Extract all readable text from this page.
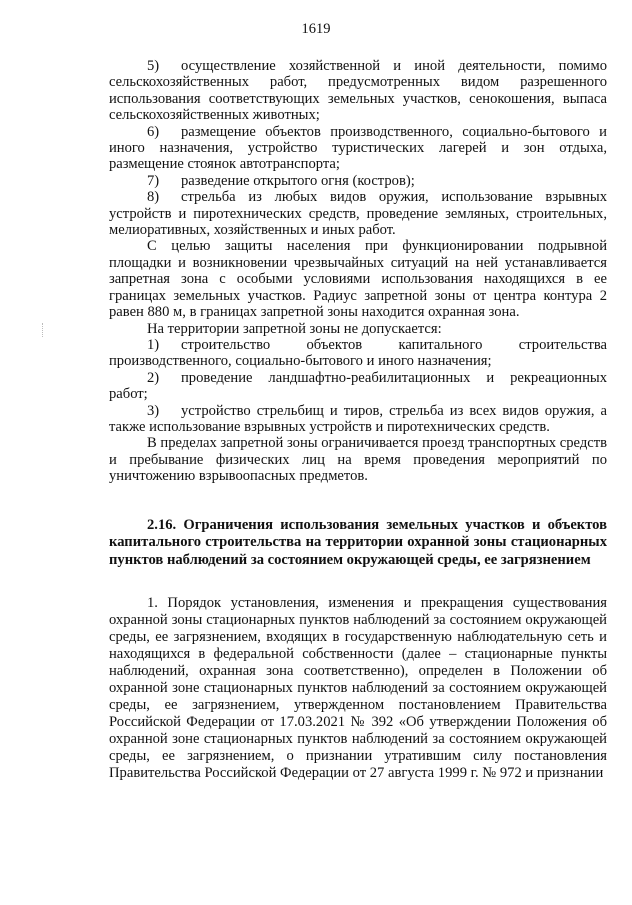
1619

5) осуществление хозяйственной и иной деятельности, помимо сельскохозяйственных работ, предусмотренных видом разрешенного использования соответствующих земельных участков, сенокошения, выпаса сельскохозяйственных животных;

6) размещение объектов производственного, социально-бытового и иного назначения, устройство туристических лагерей и зон отдыха, размещение стоянок автотранспорта;

7) разведение открытого огня (костров);

8) стрельба из любых видов оружия, использование взрывных устройств и пиротехнических средств, проведение земляных, строительных, мелиоративных, хозяйственных и иных работ.

С целью защиты населения при функционировании подрывной площадки и возникновении чрезвычайных ситуаций на ней устанавливается запретная зона с особыми условиями использования находящихся в ее границах земельных участков. Радиус запретной зоны от центра контура 2 равен 880 м, в границах запретной зоны находится охранная зона.

На территории запретной зоны не допускается:

1) строительство объектов капитального строительства производственного, социально-бытового и иного назначения;

2) проведение ландшафтно-реабилитационных и рекреационных работ;

3) устройство стрельбищ и тиров, стрельба из всех видов оружия, а также использование взрывных устройств и пиротехнических средств.

В пределах запретной зоны ограничивается проезд транспортных средств и пребывание физических лиц на время проведения мероприятий по уничтожению взрывоопасных предметов.

2.16. Ограничения использования земельных участков и объектов капитального строительства на территории охранной зоны стационарных пунктов наблюдений за состоянием окружающей среды, ее загрязнением

1. Порядок установления, изменения и прекращения существования охранной зоны стационарных пунктов наблюдений за состоянием окружающей среды, ее загрязнением, входящих в государственную наблюдательную сеть и находящихся в федеральной собственности (далее – стационарные пункты наблюдений, охранная зона соответственно), определен в Положении об охранной зоне стационарных пунктов наблюдений за состоянием окружающей среды, ее загрязнением, утвержденном постановлением Правительства Российской Федерации от 17.03.2021 № 392 «Об утверждении Положения об охранной зоне стационарных пунктов наблюдений за состоянием окружающей среды, ее загрязнением, о признании утратившим силу постановления Правительства Российской Федерации от 27 августа 1999 г. № 972 и признании
